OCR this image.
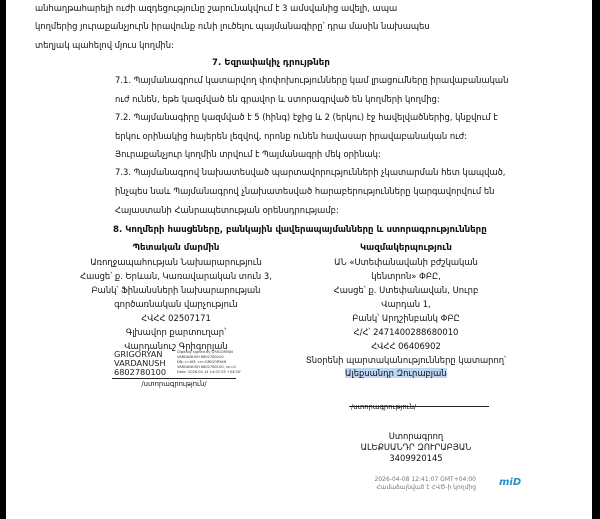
անհաղթահարելի ուժի ազդեցությունը շարունակվում է 3 ամսվանից ավելի, ապա
կողմերից յուրաքանչյուրն իրավունք ունի լուծելու պայմանագիրը՝ դրա մասին նախապես
տեղյակ պահելով մյուս կողմին:
7. Եզրափակիչ դրույթներ
7.1. Պայմանագրում կատարվող փոփոխությունները կամ լրացումները իրավաբանական
ուժ ունեն, եթե կազմված են գրավոր և ստորագրված են կողմերի կողմից:
7.2. Պայմանագիրը կազմված է 5 (հինգ) էջից և 2 (երկու) էջ հավելվածներից, կնքվում է
երկու օրինակից հայերեն լեզվով, որոնք ունեն հավասար իրավաբանական ուժ:
Յուրաքանչյուր կողմին տրվում է Պայմանագրի մեկ օրինակ:
7.3. Պայմանագրով նախատեսված պարտավորությունների չկատարման հետ կապված,
ինչպես նաև Պայմանագրով չնախատեսված հարաբերությունները կարգավորվում են
Հայաստանի Հանրապետության օրենսդրությամբ:
8. Կողմերի հասցեները, բանկային վավերապայմանները և ստորագրությունները
Պետական մարմին
Առողջապահության Նախարարություն
Հասցե՝ ք. Երևան, Կառավարական տուն 3,
Բանկ՝ Ֆինանսների նախարարության
գործառնական վարչություն
ՀՎՀՀ 02507171
Գլխավոր քարտուղար՝
Վարդանուշ Գրիգորյան
GRIGORYAN
VARDANUSH
6802780100
Digitally signed by GRIGORYAN
VARDANUSH 6802780100
DN: c=AM, cn=GRIGORYAN
VARDANUSH 6802780100, sn=G
Date: 2026.04.14 14:07:55 +04'00'
/ստորագրություն/
Կազմակերպություն
ԱՆ «Ստեփանավանի բժշկական
կենտրոն» ՓԲԸ,
Հասցե՝ ք. Ստեփանավան, Սուրբ
Վարդան 1,
Բանկ՝ Արդշինբանկ ՓԲԸ
Հ/Հ՝ 2471400288680010
ՀՎՀՀ 06406902
Տնօրենի պարտականությունները կատարող՝
Ալեքսանդր Զուրաբյան
/ստորագրություն/
Ստորագրող
ԱԼԵՔՍԱՆԴՐ ԶՈՒՐԱԲՅԱՆ
3409920145
2026-04-08 12:41:07 GMT+04:00
Համաձայնված է ՀՎԾ-ի կողմից miD
